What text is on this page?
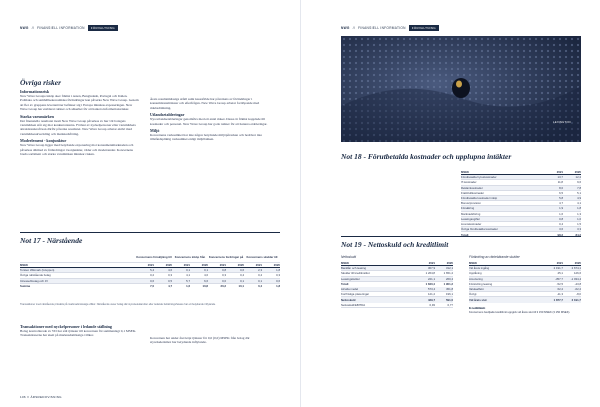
NWG // FINANSIELL INFORMATION	FÖRVALTNING
Övriga risker
Informationsrisk
New Wave Groups inköp sker främst i Asien, Bangladesh, Portugal och Italien. Politiska och samhällsekonomiska förändringar kan påverka New Wave Group. Genom att fler av gruppens leverantörer befinner sig i Europa minskas exponeringen. New Wave Group har etablerat rutiner och säkerhet för att hantera informationsrisker.
Starka varumärken
Det finansiella resultatet inom New Wave Group påverkas av hur väl bolagets varumärken står sig mot konkurrenterna. Förlust av nyckelpersoner eller varumärkets attraktionskraft kan därför påverka resultatet. New Wave Group arbetar aktivt med varumärkesutveckling och marknadsföring.
Modeelement - konjunktur
New Wave Group ligger med betydande exponering mot konsumentmarknaden och påverkas därmed av förändringar i konjunktur, väder och modetrender. Koncernens breda sortiment och starka varumärken minskar risken.
Årets resultatmässiga utfall samt kassaflöde har påverkats av förändringar i konsumtionsmönster och efterfrågan. New Wave Group arbetar fortlöpande med riskbedömning.
Utlandsetableringar
Nya utlandsetableringar genomförs med ett antal risker. Dessa är främst kopplade till kostnader och personal. New Wave Group har goda rutiner för att hantera etableringar.
Miljö
Koncernens verksamhet har inte någon betydande miljöpåverkan och bedriver inte tillståndspliktig verksamhet enligt miljöbalken.
Not 17 - Närstående
Koncernens försäljning till	Koncernens inköp från	Koncernens fordringar på	Koncernens skulder till
MSEK	2021	2020	2021	2020	2021	2020	2021	2020
Torsten Wikmark (Gruppen)	5,4	4,6	0,1	0,1	0,8	0,6	2,3	1,8
Övriga närstående bolag	0,2	0,3	4,1	4,0	0,3	0,4	0,4	0,3
Intresseföretag och JV	0,6	0,5	5,7	6,6	0,0	0,1	0,1	0,6
Summa	7,0	4,7	1,6	10,8	20,3	10,1	0,4	1,8
Transaktioner med närstående prissätts på marknadsmässiga villkor. Närstående avser bolag där styrelseledamöter eller ledande befattningshavare har ett betydande inflytande.
Transaktioner med nyckelpersoner i ledande ställning
Bolag kontrollerade av VD har sålt tjänster till koncernen för sammanlagt 0,1 MSEK. Transaktionerna har skett på marknadsmässiga villkor.
Koncernen har under året köpt tjänster för 0,0 (0,0) MSEK från bolag där styrelseledamot har betydande inflytande.
106 // ÅRSREDOVISNING
NWG // FINANSIELL INFORMATION	FÖRVALTNING
LEXINGTON
Not 18 - Förutbetalda kostnader och upplupna intäkter
MSEK	2021	2020
Förutbetalda hyreskostnader	13,7	12,4
IT-kostnader	11,8	9,6
Reklamkostnader	8,0	7,8
Frakt/tullkostnader	6,5	5,1
Förutbetalda kostnader inköp	5,8	4,9
Bonus/provision	4,7	4,1
Försäkring	1,9	1,8
Marknadsföring	1,6	1,3
Leasingavgifter	0,8	1,0
Licenskostnader	0,4	1,5
Övriga förutbetalda kostnader	3,6	3,3
Totalt	98,3	84,3
Not 19 - Nettoskuld och kreditlimit
Nettoskuld
MSEK	2021	2020
Banklån och leasing	307,9	312,1
Skulder till kreditinstitut	1 264,8	1 651,4
Leasingskulder	221,1	260,4
Totalt	1 840,4	1 901,3
Likvida medel	573,4	451,8
Kortfristiga placeringar	121,2	196,1
Nettoskuld	429,7	591,0
Nettoskuld/EBITDA	0,93	0,77
Förändring av räntebärande skulder
MSEK	2021	2020
Vid årets ingång	2 191,7	2 674,1
Upplåning	45,1	126,6
Amortering	-357,7	-1 034,4
Förändring leasing	-52,5	-43,8
Valutaeffekt	62,4	-62,2
Övrigt	-11,3	-8,0
Vid årets slut	1 877,7	2 191,7
Kreditlimit
Koncernens beviljade kreditlimit uppgick vid årets slut till 3 150 MSEK (3 150 MSEK).
